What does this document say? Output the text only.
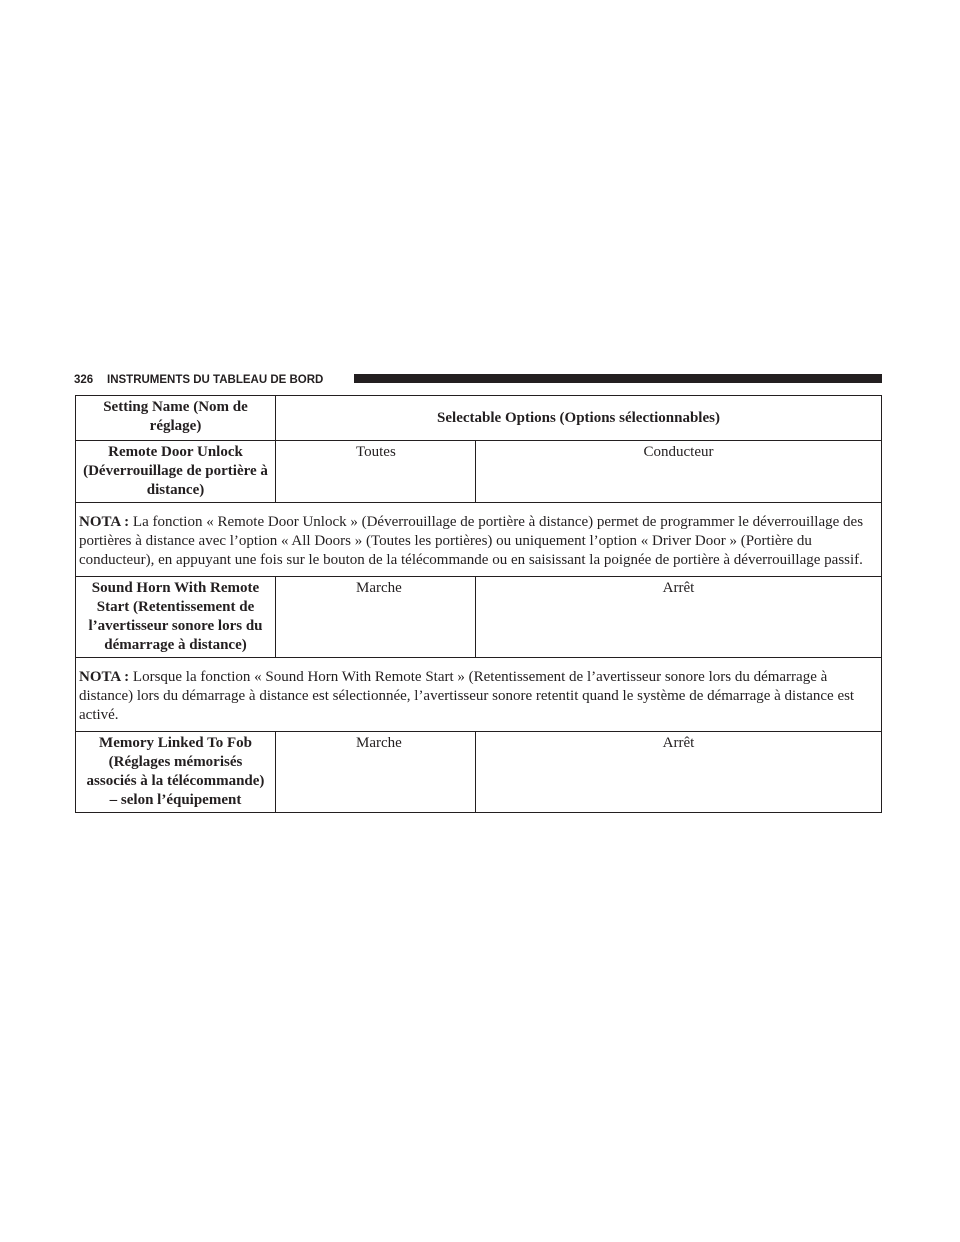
326 INSTRUMENTS DU TABLEAU DE BORD
Setting Name (Nom de réglage)	Selectable Options (Options sélectionnables)	
Remote Door Unlock (Déverrouillage de portière à distance)	Toutes	Conducteur
NOTA : La fonction « Remote Door Unlock » (Déverrouillage de portière à distance) permet de programmer le déverrouillage des portières à distance avec l’option « All Doors » (Toutes les portières) ou uniquement l’option « Driver Door » (Portière du conducteur), en appuyant une fois sur le bouton de la télécommande ou en saisissant la poignée de portière à déverrouillage passif.		
Sound Horn With Remote Start (Retentissement de l’avertisseur sonore lors du démarrage à distance)	Marche	Arrêt
NOTA : Lorsque la fonction « Sound Horn With Remote Start » (Retentissement de l’avertisseur sonore lors du démarrage à distance) lors du démarrage à distance est sélectionnée, l’avertisseur sonore retentit quand le système de démarrage à distance est activé.		
Memory Linked To Fob (Réglages mémorisés associés à la télécommande) – selon l’équipement	Marche	Arrêt
